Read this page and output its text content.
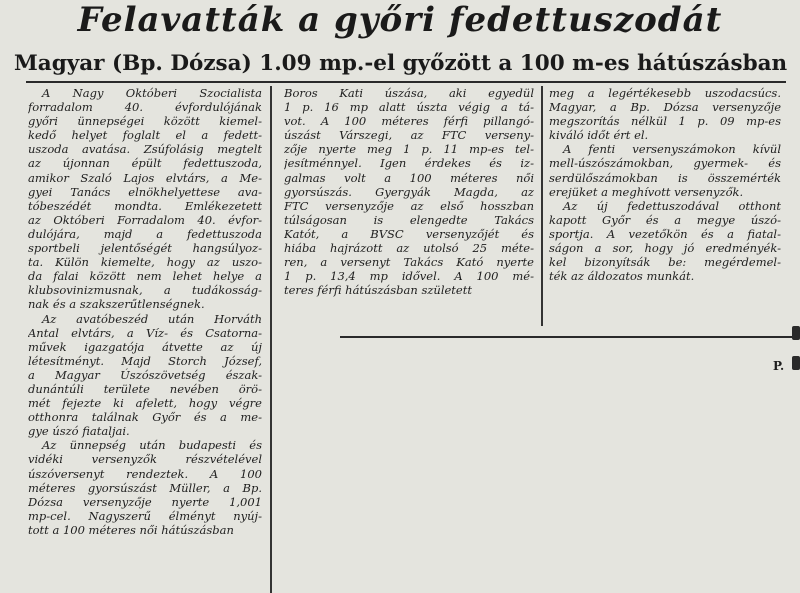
Felavatták a győri fedettuszodát
Magyar (Bp. Dózsa) 1.09 mp.-el győzött a 100 m-es hátúszásban
A Nagy Októberi Szocialista
forradalom 40. évfordulójának
győri ünnepségei között kiemel-
kedő helyet foglalt el a fedett-
uszoda avatása. Zsúfolásig megtelt
az újonnan épült fedettuszoda,
amikor Szaló Lajos elvtárs, a Me-
gyei Tanács elnökhelyettese ava-
tóbeszédét mondta. Emlékezetett
az Októberi Forradalom 40. évfor-
dulójára, majd a fedettuszoda
sportbeli jelentőségét hangsúlyoz-
ta. Külön kiemelte, hogy az uszo-
da falai között nem lehet helye a
klubsovinizmusnak, a tudákosság-
nak és a szakszerűtlenségnek.
Az avatóbeszéd után Horváth
Antal elvtárs, a Víz- és Csatorna-
művek igazgatója átvette az új
létesítményt. Majd Storch József,
a Magyar Úszószövetség észak-
dunántúli területe nevében örö-
mét fejezte ki afelett, hogy végre
otthonra találnak Győr és a me-
gye úszó fiataljai.
Az ünnepség után budapesti és
vidéki versenyzők részvételével
úszóversenyt rendeztek. A 100
méteres gyorsúszást Müller, a Bp.
Dózsa versenyzője nyerte 1,001
mp-cel. Nagyszerű élményt nyúj-
tott a 100 méteres női hátúszásban
Boros Kati úszása, aki egyedül
1 p. 16 mp alatt úszta végig a tá-
vot. A 100 méteres férfi pillangó-
úszást Várszegi, az FTC verseny-
zője nyerte meg 1 p. 11 mp-es tel-
jesítménnyel. Igen érdekes és iz-
galmas volt a 100 méteres női
gyorsúszás. Gyergyák Magda, az
FTC versenyzője az első hosszban
túlságosan is elengedte Takács
Katót, a BVSC versenyzőjét és
hiába hajrázott az utolsó 25 méte-
ren, a versenyt Takács Kató nyerte
1 p. 13,4 mp idővel. A 100 mé-
teres férfi hátúszásban született
meg a legértékesebb uszodacsúcs.
Magyar, a Bp. Dózsa versenyzője
megszorítás nélkül 1 p. 09 mp-es
kiváló időt ért el.
A fenti versenyszámokon kívül
mell-úszószámokban, gyermek- és
serdülőszámokban is összemérték
erejüket a meghívott versenyzők.
Az új fedettuszodával otthont
kapott Győr és a megye úszó-
sportja. A vezetőkön és a fiatal-
ságon a sor, hogy jó eredményék-
kel bizonyítsák be: megérdemel-
ték az áldozatos munkát.
P.
